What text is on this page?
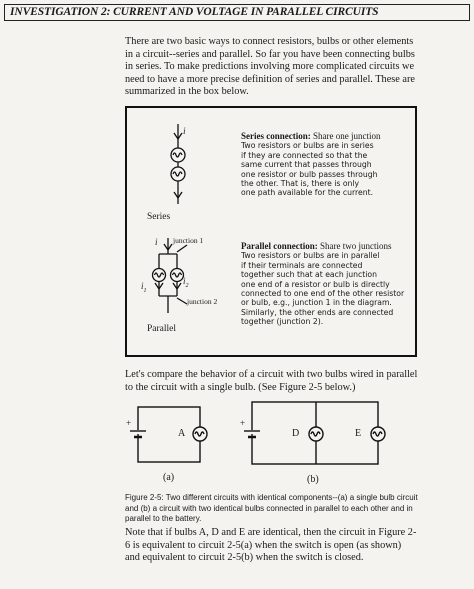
INVESTIGATION 2: CURRENT AND VOLTAGE IN PARALLEL CIRCUITS
There are two basic ways to connect resistors, bulbs or other elements
in a circuit--series and parallel. So far you have been connecting bulbs
in series. To make predictions involving more complicated circuits we
need to have a more precise definition of series and parallel. These are
summarized in the box below.
i
Series
Series connection: Share one junction
Two resistors or bulbs are in series
if they are connected so that the
same current that passes through
one resistor or bulb passes through
the other. That is, there is only
one path available for the current.
i junction 1
junction 2
$i_1$
$i_2$
Parallel
Parallel connection: Share two junctions
Two resistors or bulbs are in parallel
if their terminals are connected
together such that at each junction
one end of a resistor or bulb is directly
connected to one end of the other resistor
or bulb, e.g., junction 1 in the diagram.
Similarly, the other ends are connected
together (junction 2).
Let's compare the behavior of a circuit with two bulbs wired in parallel
to the circuit with a single bulb. (See Figure 2-5 below.)
+	+
A	D	E
(a)	(b)
Figure 2-5: Two different circuits with identical components--(a) a single bulb circuit
and (b) a circuit with two identical bulbs connected in parallel to each other and in
parallel to the battery.
Note that if bulbs A, D and E are identical, then the circuit in Figure 2-
6 is equivalent to circuit 2-5(a) when the switch is open (as shown)
and equivalent to circuit 2-5(b) when the switch is closed.
